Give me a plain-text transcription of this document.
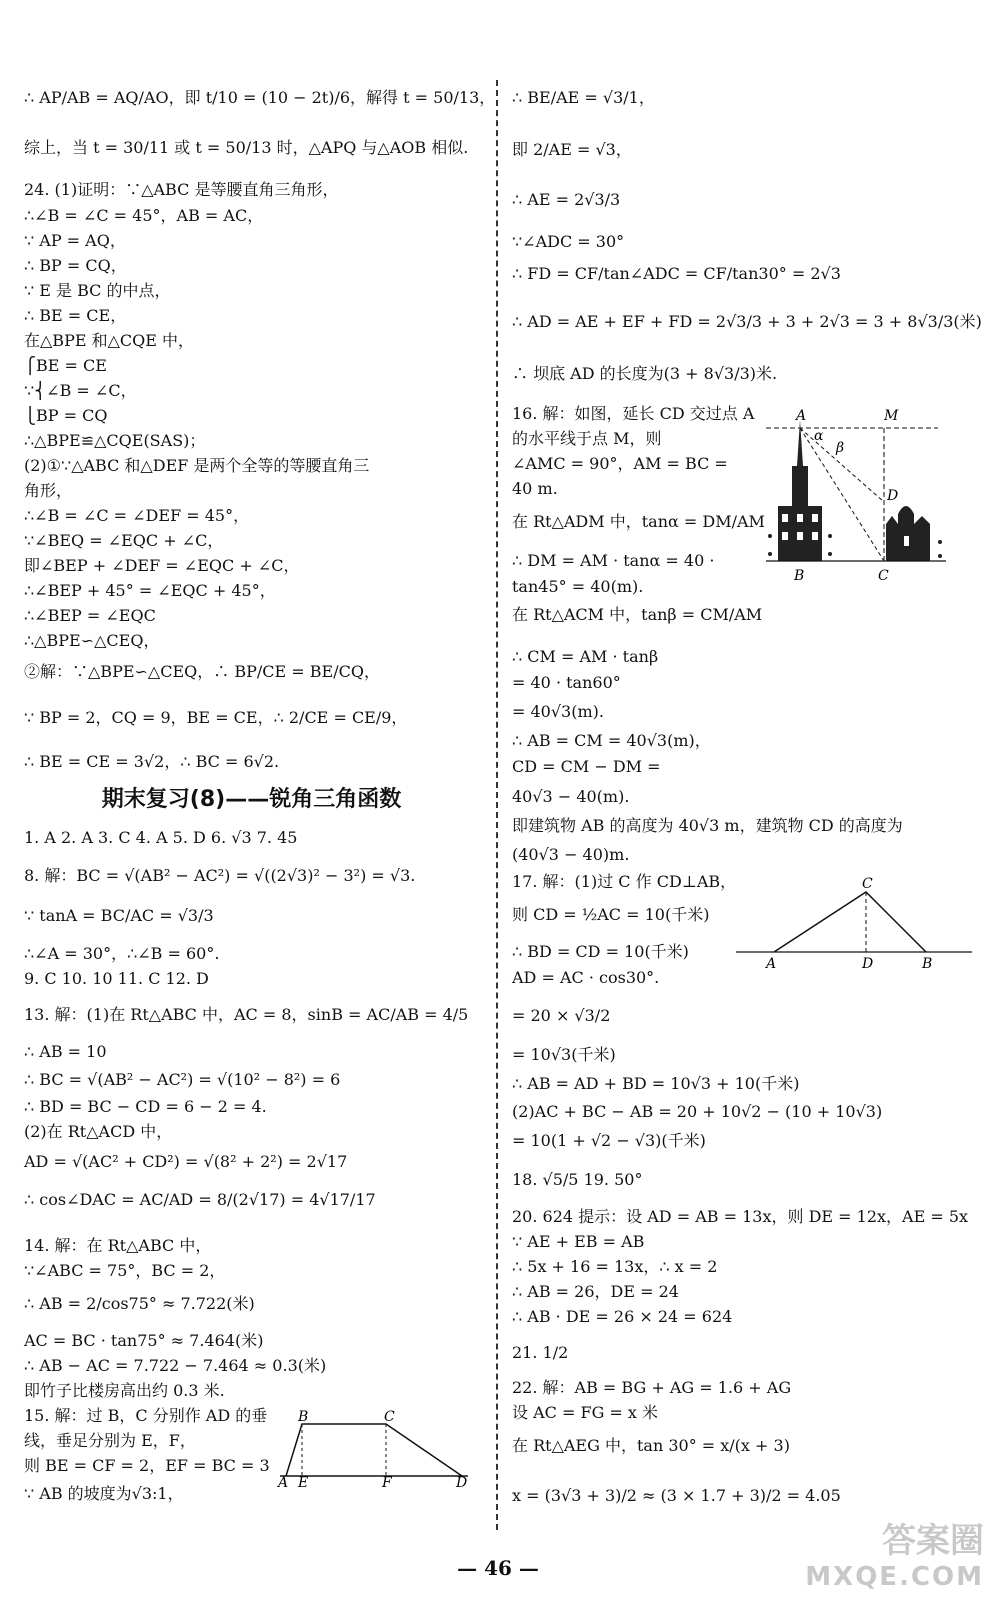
期末复习(8)——锐角三角函数
∴ AP/AB = AQ/AO，即 t/10 = (10 − 2t)/6，解得 t = 50/13，
综上，当 t = 30/11 或 t = 50/13 时，△APQ 与△AOB 相似.
24. (1)证明：∵△ABC 是等腰直角三角形，
∴∠B = ∠C = 45°，AB = AC，
∵ AP = AQ，
∴ BP = CQ，
∵ E 是 BC 的中点，
∴ BE = CE，
在△BPE 和△CQE 中，
⎧BE = CE
∵⎨∠B = ∠C，
⎩BP = CQ
∴△BPE≌△CQE(SAS)；
(2)①∵△ABC 和△DEF 是两个全等的等腰直角三
角形，
∴∠B = ∠C = ∠DEF = 45°，
∵∠BEQ = ∠EQC + ∠C，
即∠BEP + ∠DEF = ∠EQC + ∠C，
∴∠BEP + 45° = ∠EQC + 45°，
∴∠BEP = ∠EQC
∴△BPE∽△CEQ，
②解：∵△BPE∽△CEQ，∴ BP/CE = BE/CQ，
∵ BP = 2，CQ = 9，BE = CE，∴ 2/CE = CE/9，
∴ BE = CE = 3√2，∴ BC = 6√2.
1. A 2. A 3. C 4. A 5. D 6. √3 7. 45
8. 解：BC = √(AB² − AC²) = √((2√3)² − 3²) = √3.
∵ tanA = BC/AC = √3/3
∴∠A = 30°，∴∠B = 60°.
9. C 10. 10 11. C 12. D
13. 解：(1)在 Rt△ABC 中，AC = 8，sinB = AC/AB = 4/5
∴ AB = 10
∴ BC = √(AB² − AC²) = √(10² − 8²) = 6
∴ BD = BC − CD = 6 − 2 = 4.
(2)在 Rt△ACD 中，
AD = √(AC² + CD²) = √(8² + 2²) = 2√17
∴ cos∠DAC = AC/AD = 8/(2√17) = 4√17/17
14. 解：在 Rt△ABC 中，
∵∠ABC = 75°，BC = 2，
∴ AB = 2/cos75° ≈ 7.722(米)
AC = BC · tan75° ≈ 7.464(米)
∴ AB − AC = 7.722 − 7.464 ≈ 0.3(米)
即竹子比楼房高出约 0.3 米.
15. 解：过 B，C 分别作 AD 的垂
线，垂足分别为 E，F，
则 BE = CF = 2，EF = BC = 3
∵ AB 的坡度为√3:1，
∴ BE/AE = √3/1，
即 2/AE = √3，
∴ AE = 2√3/3
∵∠ADC = 30°
∴ FD = CF/tan∠ADC = CF/tan30° = 2√3
∴ AD = AE + EF + FD = 2√3/3 + 3 + 2√3 = 3 + 8√3/3(米)
∴ 坝底 AD 的长度为(3 + 8√3/3)米.
16. 解：如图，延长 CD 交过点 A
的水平线于点 M，则
∠AMC = 90°，AM = BC =
40 m.
在 Rt△ADM 中，tanα = DM/AM
∴ DM = AM · tanα = 40 ·
tan45° = 40(m).
在 Rt△ACM 中，tanβ = CM/AM
∴ CM = AM · tanβ
= 40 · tan60°
= 40√3(m).
∴ AB = CM = 40√3(m)，
CD = CM − DM =
40√3 − 40(m).
即建筑物 AB 的高度为 40√3 m，建筑物 CD 的高度为
(40√3 − 40)m.
17. 解：(1)过 C 作 CD⊥AB，
则 CD = ½AC = 10(千米)
∴ BD = CD = 10(千米)
AD = AC · cos30°.
= 20 × √3/2
= 10√3(千米)
∴ AB = AD + BD = 10√3 + 10(千米)
(2)AC + BC − AB = 20 + 10√2 − (10 + 10√3)
= 10(1 + √2 − √3)(千米)
18. √5/5 19. 50°
20. 624 提示：设 AD = AB = 13x，则 DE = 12x，AE = 5x
∵ AE + EB = AB
∴ 5x + 16 = 13x，∴ x = 2
∴ AB = 26，DE = 24
∴ AB · DE = 26 × 24 = 624
21. 1/2
22. 解：AB = BG + AG = 1.6 + AG
设 AC = FG = x 米
在 Rt△AEG 中，tan 30° = x/(x + 3)
x = (3√3 + 3)/2 ≈ (3 × 1.7 + 3)/2 = 4.05
B	C
A E	F	D
A	M
α
β
D
B	C
C
A	D	B
— 46 —
答案圈
MXQE.COM
